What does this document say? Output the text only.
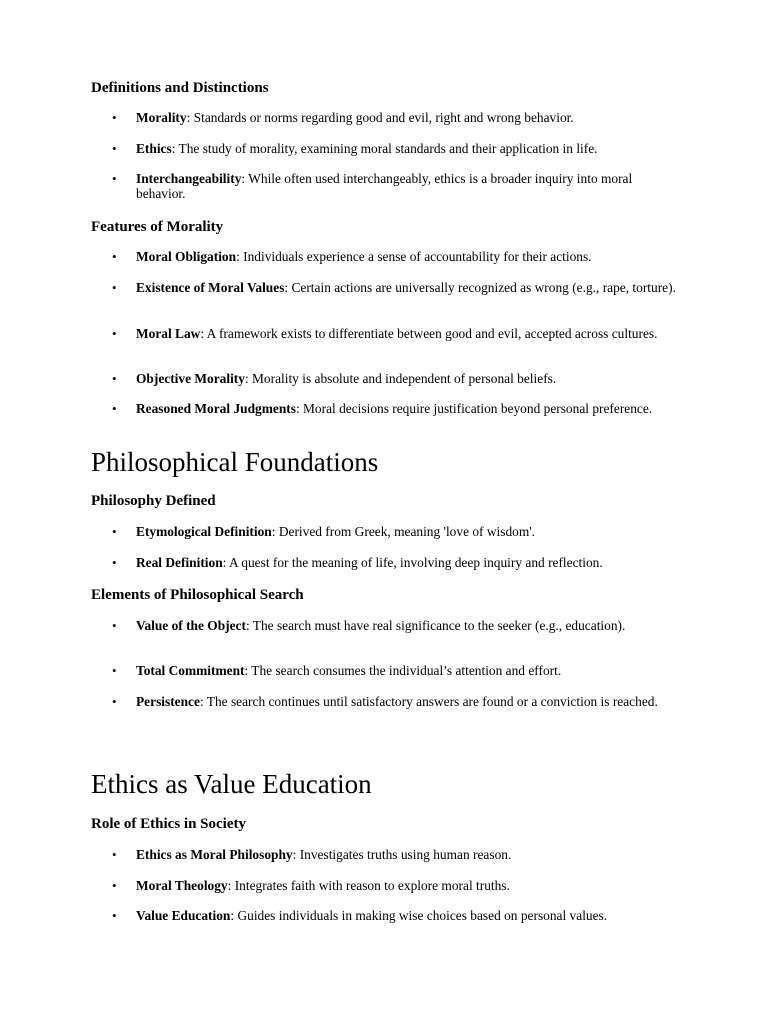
Definitions and Distinctions
• Morality: Standards or norms regarding good and evil, right and wrong behavior.
• Ethics: The study of morality, examining moral standards and their application in life.
• Interchangeability: While often used interchangeably, ethics is a broader inquiry into moral behavior.
Features of Morality
• Moral Obligation: Individuals experience a sense of accountability for their actions.
• Existence of Moral Values: Certain actions are universally recognized as wrong (e.g., rape, torture).
• Moral Law: A framework exists to differentiate between good and evil, accepted across cultures.
• Objective Morality: Morality is absolute and independent of personal beliefs.
• Reasoned Moral Judgments: Moral decisions require justification beyond personal preference.
Philosophical Foundations
Philosophy Defined
• Etymological Definition: Derived from Greek, meaning 'love of wisdom'.
• Real Definition: A quest for the meaning of life, involving deep inquiry and reflection.
Elements of Philosophical Search
• Value of the Object: The search must have real significance to the seeker (e.g., education).
• Total Commitment: The search consumes the individual’s attention and effort.
• Persistence: The search continues until satisfactory answers are found or a conviction is reached.
Ethics as Value Education
Role of Ethics in Society
• Ethics as Moral Philosophy: Investigates truths using human reason.
• Moral Theology: Integrates faith with reason to explore moral truths.
• Value Education: Guides individuals in making wise choices based on personal values.
